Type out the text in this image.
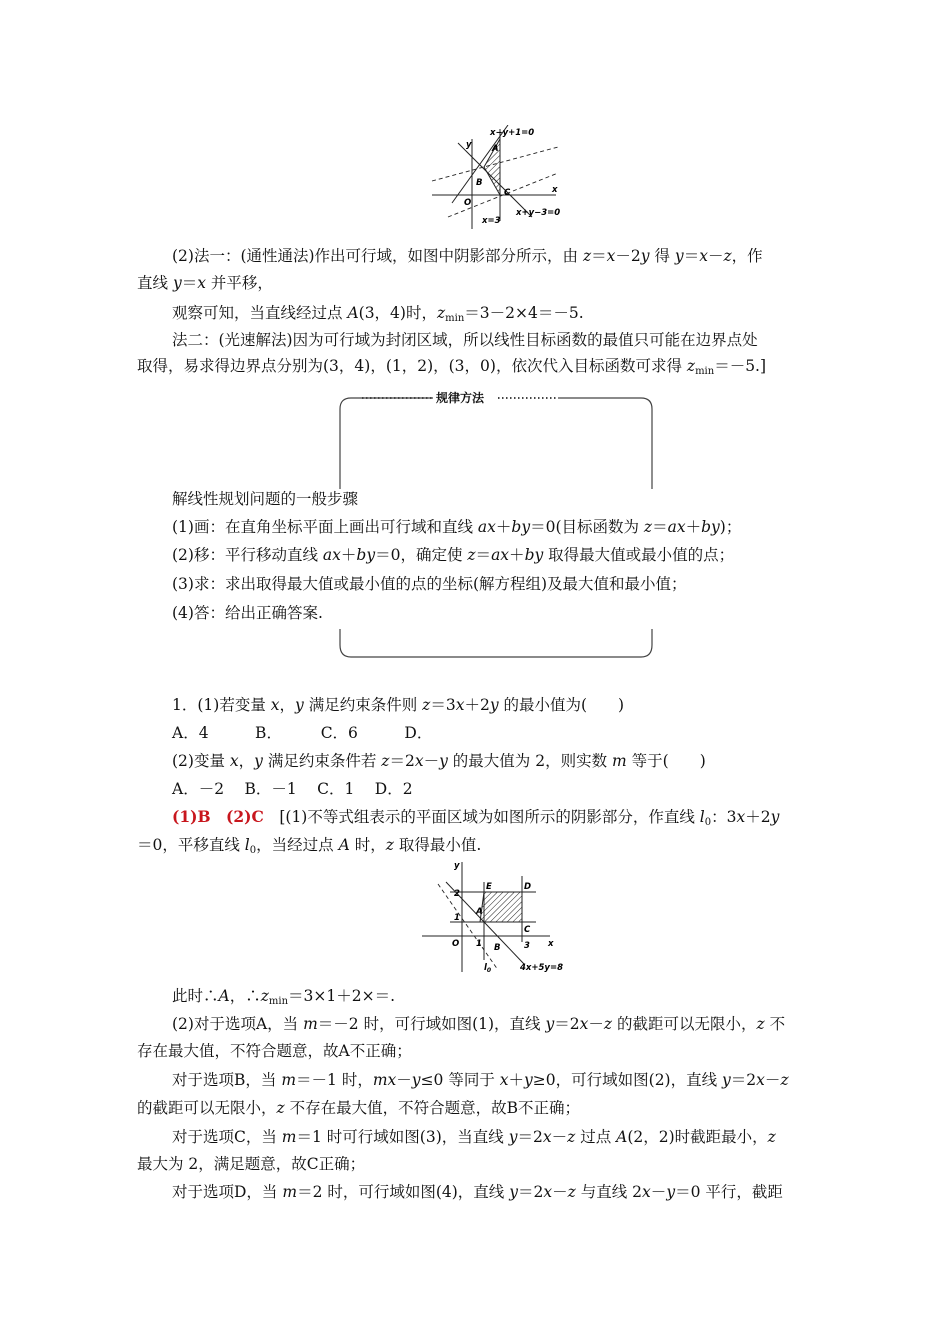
x−y+1=0
y
x
A
B
C
O
x=3
x+y−3=0
(2)法一：(通性通法)作出可行域，如图中阴影部分所示，由 z＝x－2y 得 y＝x－z，作
直线 y＝x 并平移，
观察可知，当直线经过点 A(3，4)时，$z_{min}=3-2\times 4=-5$.
法二：(光速解法)因为可行域为封闭区域，所以线性目标函数的最值只可能在边界点处
取得，易求得边界点分别为(3，4)，(1，2)，(3，0)，依次代入目标函数可求得 $z_{min}=-5$.]
规律方法
解线性规划问题的一般步骤
(1)画：在直角坐标平面上画出可行域和直线 ax＋by＝0(目标函数为 z＝ax＋by)；
(2)移：平行移动直线 ax＋by＝0，确定使 z＝ax＋by 取得最大值或最小值的点；
(3)求：求出取得最大值或最小值的点的坐标(解方程组)及最大值和最小值；
(4)答：给出正确答案.
1．(1)若变量 x，y 满足约束条件则 z＝3x＋2y 的最小值为(　　)
A．4　　　B．　　　C．6　　　D．
(2)变量 x，y 满足约束条件若 z＝2x－y 的最大值为 2，则实数 m 等于(　　)
A．－2　 B．－1　 C．1　 D．2
(1)B　(2)C　[(1)不等式组表示的平面区域为如图所示的阴影部分，作直线 $l_0$：3x＋2y
＝0，平移直线 $l_0$，当经过点 A 时，z 取得最小值.
y
x
2
1
O 1	3
E	D
A
B
C
$l_0$	4x+5y=8
此时∴A，$\therefore z_{min}=3\times 1+2\times=$.
(2)对于选项A，当 m＝－2 时，可行域如图(1)，直线 y＝2x－z 的截距可以无限小，z 不
存在最大值，不符合题意，故A不正确；
对于选项B，当 m＝－1 时，mx－y≤0 等同于 x＋y≥0，可行域如图(2)，直线 y＝2x－z
的截距可以无限小，z 不存在最大值，不符合题意，故B不正确；
对于选项C，当 m＝1 时可行域如图(3)，当直线 y＝2x－z 过点 A(2，2)时截距最小，z
最大为 2，满足题意，故C正确；
对于选项D，当 m＝2 时，可行域如图(4)，直线 y＝2x－z 与直线 2x－y＝0 平行，截距
